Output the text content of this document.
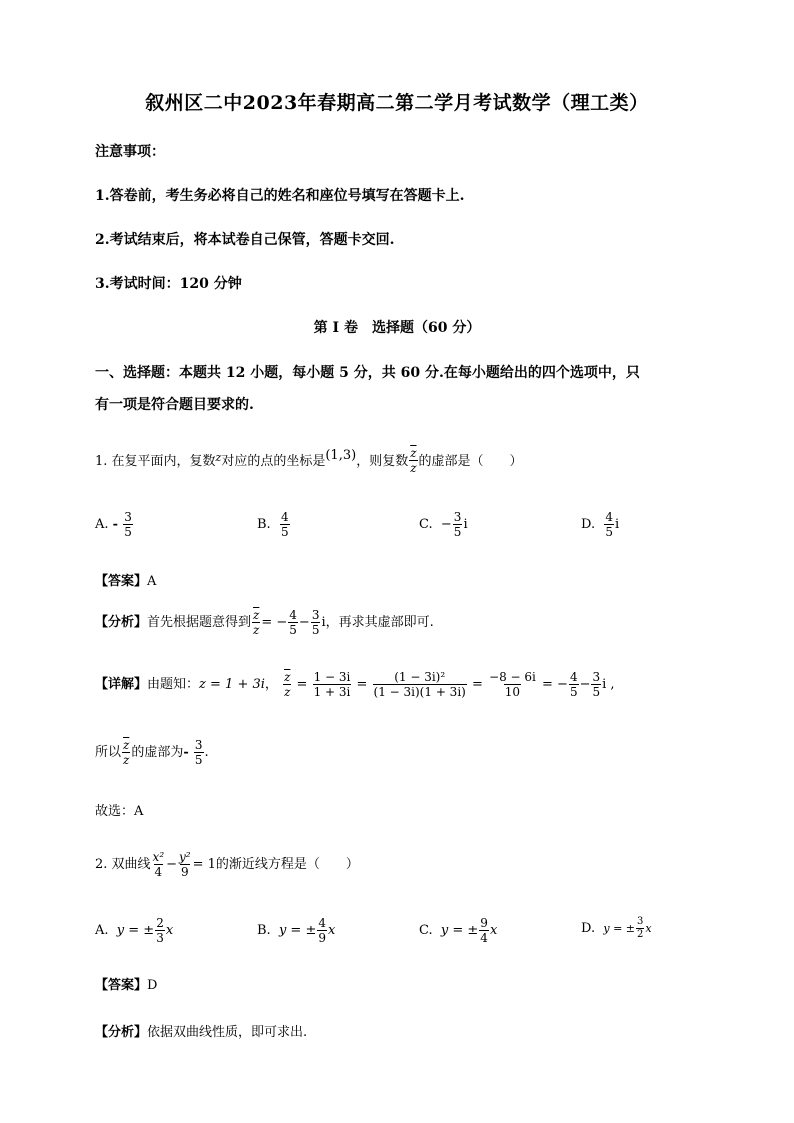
叙州区二中2023年春期高二第二学月考试数学（理工类）
注意事项：
1.答卷前，考生务必将自己的姓名和座位号填写在答题卡上.
2.考试结束后，将本试卷自己保管，答题卡交回.
3.考试时间：120 分钟
第 I 卷　选择题（60 分）
一、选择题：本题共 12 小题，每小题 5 分，共 60 分.在每小题给出的四个选项中，只
有一项是符合题目要求的.
1. 在复平面内，复数$^z$对应的点的坐标是(1,3)，则复数 $\frac{\overline{z}}{z}$ 的虚部是（　　）
A. - $\frac{3}{5}$	B. $\frac{4}{5}$	C. − $\frac{3}{5}$ i	D. $\frac{4}{5}$ i
【答案】A
【分析】首先根据题意得到 $\frac{\overline{z}}{z}$ = − $\frac{4}{5} - \frac{3}{5}$ i，再求其虚部即可.
【详解】由题知：z = 1 + 3i， $\frac{\overline{z}}{z} = \frac{1 - 3i}{1 + 3i} = \frac{\text{(1 − 3i)²}}{(1 - 3i)(1 + 3i)} = \frac{-8 - 6i}{10}$ = − $\frac{4}{5} - \frac{3}{5}$ i ,
所以 $\frac{\overline{z}}{z}$ 的虚部为- $\frac{3}{5}$ .
故选：A
2. 双曲线 $\frac{\text{x²}}{4} - \frac{\text{y²}}{9} = 1$的渐近线方程是（　　）
A. y = ± $\frac{2}{3}$ x	B. y = ± $\frac{4}{9}$ x	C. y = ± $\frac{9}{4}$ x	D. y = ± $\frac{3}{2}$ x
【答案】D
【分析】依据双曲线性质，即可求出.
